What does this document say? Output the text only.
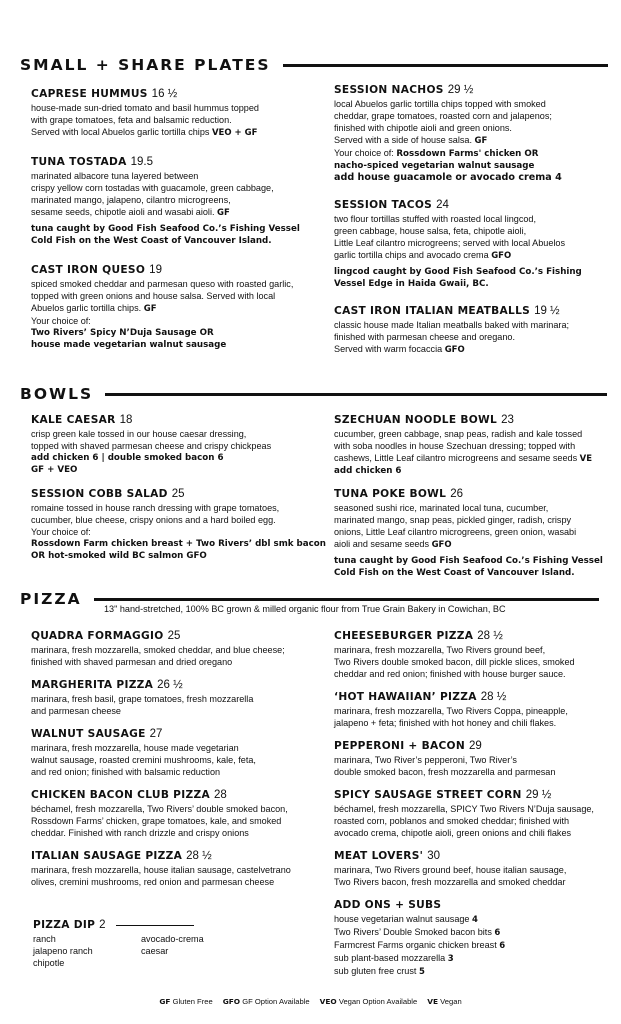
SMALL + SHARE PLATES
BOWLS
PIZZA
13" hand-stretched, 100% BC grown & milled organic flour from True Grain Bakery in Cowichan, BC
CAPRESE HUMMUS 16 ½
house-made sun-dried tomato and basil hummus topped
with grape tomatoes, feta and balsamic reduction.
Served with local Abuelos garlic tortilla chips VEO + GF
TUNA TOSTADA 19.5
marinated albacore tuna layered between
crispy yellow corn tostadas with guacamole, green cabbage,
marinated mango, jalapeno, cilantro microgreens,
sesame seeds, chipotle aioli and wasabi aioli. GF
tuna caught by Good Fish Seafood Co.’s Fishing Vessel
Cold Fish on the West Coast of Vancouver Island.
CAST IRON QUESO 19
spiced smoked cheddar and parmesan queso with roasted garlic,
topped with green onions and house salsa. Served with local
Abuelos garlic tortilla chips. GF
Your choice of:
Two Rivers’ Spicy N’Duja Sausage OR
house made vegetarian walnut sausage
SESSION NACHOS 29 ½
local Abuelos garlic tortilla chips topped with smoked
cheddar, grape tomatoes, roasted corn and jalapenos;
finished with chipotle aioli and green onions.
Served with a side of house salsa. GF
Your choice of: Rossdown Farms' chicken OR
nacho-spiced vegetarian walnut sausage
add house guacamole or avocado crema 4
SESSION TACOS 24
two flour tortillas stuffed with roasted local lingcod,
green cabbage, house salsa, feta, chipotle aioli,
Little Leaf cilantro microgreens; served with local Abuelos
garlic tortilla chips and avocado crema GFO
lingcod caught by Good Fish Seafood Co.’s Fishing
Vessel Edge in Haida Gwaii, BC.
CAST IRON ITALIAN MEATBALLS 19 ½
classic house made Italian meatballs baked with marinara;
finished with parmesan cheese and oregano.
Served with warm focaccia GFO
KALE CAESAR 18
crisp green kale tossed in our house caesar dressing,
topped with shaved parmesan cheese and crispy chickpeas
add chicken 6 | double smoked bacon 6
GF + VEO
SESSION COBB SALAD 25
romaine tossed in house ranch dressing with grape tomatoes,
cucumber, blue cheese, crispy onions and a hard boiled egg.
Your choice of:
Rossdown Farm chicken breast + Two Rivers’ dbl smk bacon
OR hot-smoked wild BC salmon GFO
SZECHUAN NOODLE BOWL 23
cucumber, green cabbage, snap peas, radish and kale tossed
with soba noodles in house Szechuan dressing; topped with
cashews, Little Leaf cilantro microgreens and sesame seeds VE
add chicken 6
TUNA POKE BOWL 26
seasoned sushi rice, marinated local tuna, cucumber,
marinated mango, snap peas, pickled ginger, radish, crispy
onions, Little Leaf cilantro microgreens, green onion, wasabi
aioli and sesame seeds GFO
tuna caught by Good Fish Seafood Co.’s Fishing Vessel
Cold Fish on the West Coast of Vancouver Island.
QUADRA FORMAGGIO 25
marinara, fresh mozzarella, smoked cheddar, and blue cheese;
finished with shaved parmesan and dried oregano
MARGHERITA PIZZA 26 ½
marinara, fresh basil, grape tomatoes, fresh mozzarella
and parmesan cheese
WALNUT SAUSAGE 27
marinara, fresh mozzarella, house made vegetarian
walnut sausage, roasted cremini mushrooms, kale, feta,
and red onion; finished with balsamic reduction
CHICKEN BACON CLUB PIZZA 28
béchamel, fresh mozzarella, Two Rivers’ double smoked bacon,
Rossdown Farms’ chicken, grape tomatoes, kale, and smoked
cheddar. Finished with ranch drizzle and crispy onions
ITALIAN SAUSAGE PIZZA 28 ½
marinara, fresh mozzarella, house italian sausage, castelvetrano
olives, cremini mushrooms, red onion and parmesan cheese
CHEESEBURGER PIZZA 28 ½
marinara, fresh mozzarella, Two Rivers ground beef,
Two Rivers double smoked bacon, dill pickle slices, smoked
cheddar and red onion; finished with house burger sauce.
‘HOT HAWAIIAN’ PIZZA 28 ½
marinara, fresh mozzarella, Two Rivers Coppa, pineapple,
jalapeno + feta; finished with hot honey and chili flakes.
PEPPERONI + BACON 29
marinara, Two River’s pepperoni, Two River’s
double smoked bacon, fresh mozzarella and parmesan
SPICY SAUSAGE STREET CORN 29 ½
béchamel, fresh mozzarella, SPICY Two Rivers N’Duja sausage,
roasted corn, poblanos and smoked cheddar; finished with
avocado crema, chipotle aioli, green onions and chili flakes
MEAT LOVERS' 30
marinara, Two Rivers ground beef, house italian sausage,
Two Rivers bacon, fresh mozzarella and smoked cheddar
ADD ONS + SUBS
house vegetarian walnut sausage 4
Two Rivers’ Double Smoked bacon bits 6
Farmcrest Farms organic chicken breast 6
sub plant-based mozzarella 3
sub gluten free crust 5
PIZZA DIP 2
ranch	avocado-crema
jalapeno ranch	caesar
chipotle
GF Gluten Free GFO GF Option Available VEO Vegan Option Available VE Vegan
